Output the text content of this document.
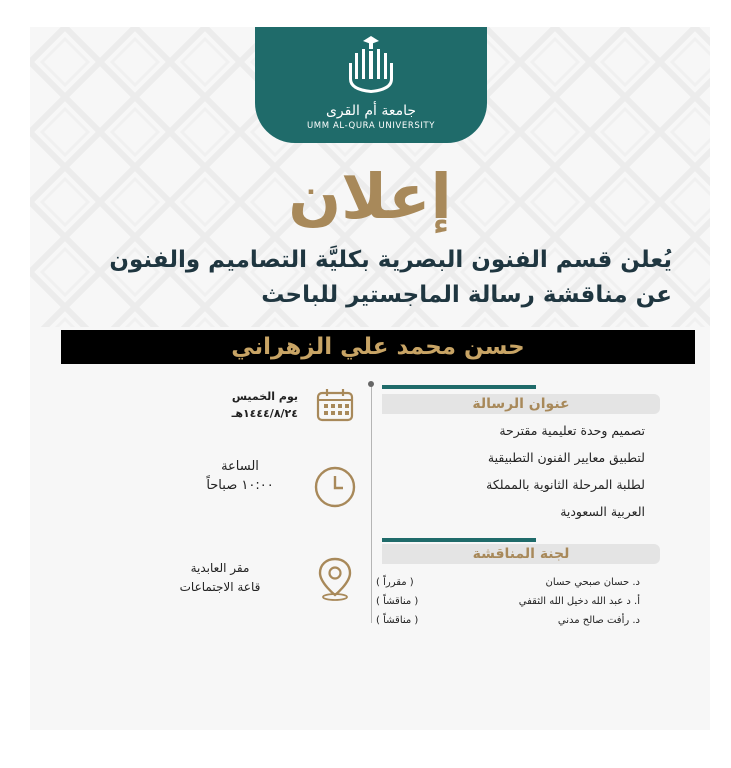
جامعة أم القرى
UMM AL-QURA UNIVERSITY
إعلان
يُعلن قسم الفنون البصرية بكليَّة التصاميم والفنون
عن مناقشة رسالة الماجستير للباحث
حسن محمد علي الزهراني
يوم الخميس
١٤٤٤/٨/٢٤هـ
الساعة
١٠:٠٠ صباحاً
مقر العابدية
قاعة الاجتماعات
عنوان الرسالة
تصميم وحدة تعليمية مقترحة
لتطبيق معايير الفنون التطبيقية
لطلبة المرحلة الثانوية بالمملكة
العربية السعودية
لجنة المناقشة
د. حسان صبحي حسان
( مقرراً )
أ. د عبد الله دخيل الله الثقفي
( مناقشاً )
د. رأفت صالح مدني
( مناقشاً )
